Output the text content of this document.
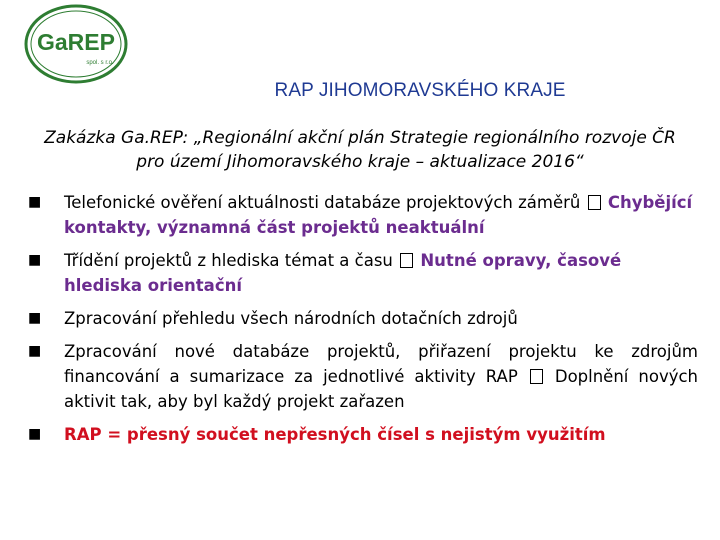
GaREP
spol. s r.o.
RAP JIHOMORAVSKÉHO KRAJE
Zakázka Ga.REP: „Regionální akční plán Strategie regionálního rozvoje ČR pro území Jihomoravského kraje – aktualizace 2016“
■ Telefonické ověření aktuálnosti databáze projektových záměrů Chybějící kontakty, významná část projektů neaktuální
■ Třídění projektů z hlediska témat a času Nutné opravy, časové hlediska orientační
■ Zpracování přehledu všech národních dotačních zdrojů
■ Zpracování nové databáze projektů, přiřazení projektu ke zdrojům financování a sumarizace za jednotlivé aktivity RAP Doplnění nových aktivit tak, aby byl každý projekt zařazen
■ RAP = přesný součet nepřesných čísel s nejistým využitím
